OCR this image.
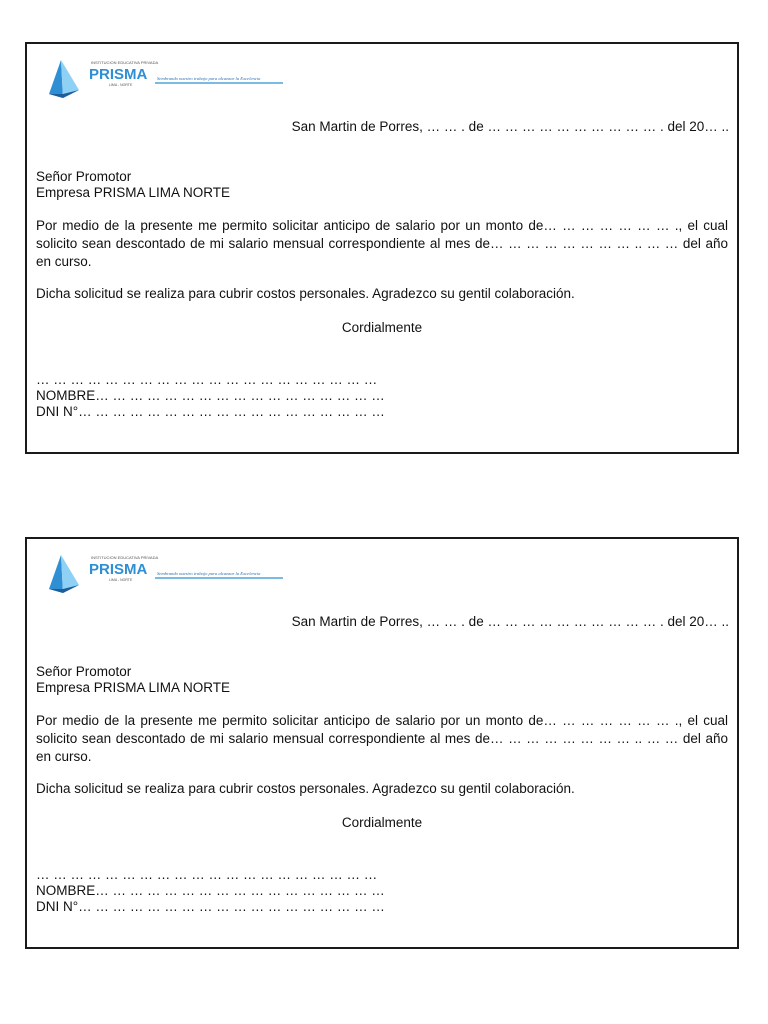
INSTITUCION EDUCATIVA PRIVADA
PRISMA
LIMA - NORTE
Sembrando nuestro trabajo para alcanzar la Excelencia
San Martin de Porres, … … . de … … … … … … … … … … . del 20… ..
Señor Promotor
Empresa PRISMA LIMA NORTE
Por medio de la presente me permito solicitar anticipo de salario por un monto de… … … … … … … ., el cual solicito sean descontado de mi salario mensual correspondiente al mes de… … … … … … … … .. … … del año en curso.
Dicha solicitud se realiza para cubrir costos personales. Agradezco su gentil colaboración.
Cordialmente
… … … … … … … … … … … … … … … … … … … …
NOMBRE… … … … … … … … … … … … … … … … …
DNI N°… … … … … … … … … … … … … … … … … …
INSTITUCION EDUCATIVA PRIVADA
PRISMA
LIMA - NORTE
Sembrando nuestro trabajo para alcanzar la Excelencia
San Martin de Porres, … … . de … … … … … … … … … … . del 20… ..
Señor Promotor
Empresa PRISMA LIMA NORTE
Por medio de la presente me permito solicitar anticipo de salario por un monto de… … … … … … … ., el cual solicito sean descontado de mi salario mensual correspondiente al mes de… … … … … … … … .. … … del año en curso.
Dicha solicitud se realiza para cubrir costos personales. Agradezco su gentil colaboración.
Cordialmente
… … … … … … … … … … … … … … … … … … … …
NOMBRE… … … … … … … … … … … … … … … … …
DNI N°… … … … … … … … … … … … … … … … … …
